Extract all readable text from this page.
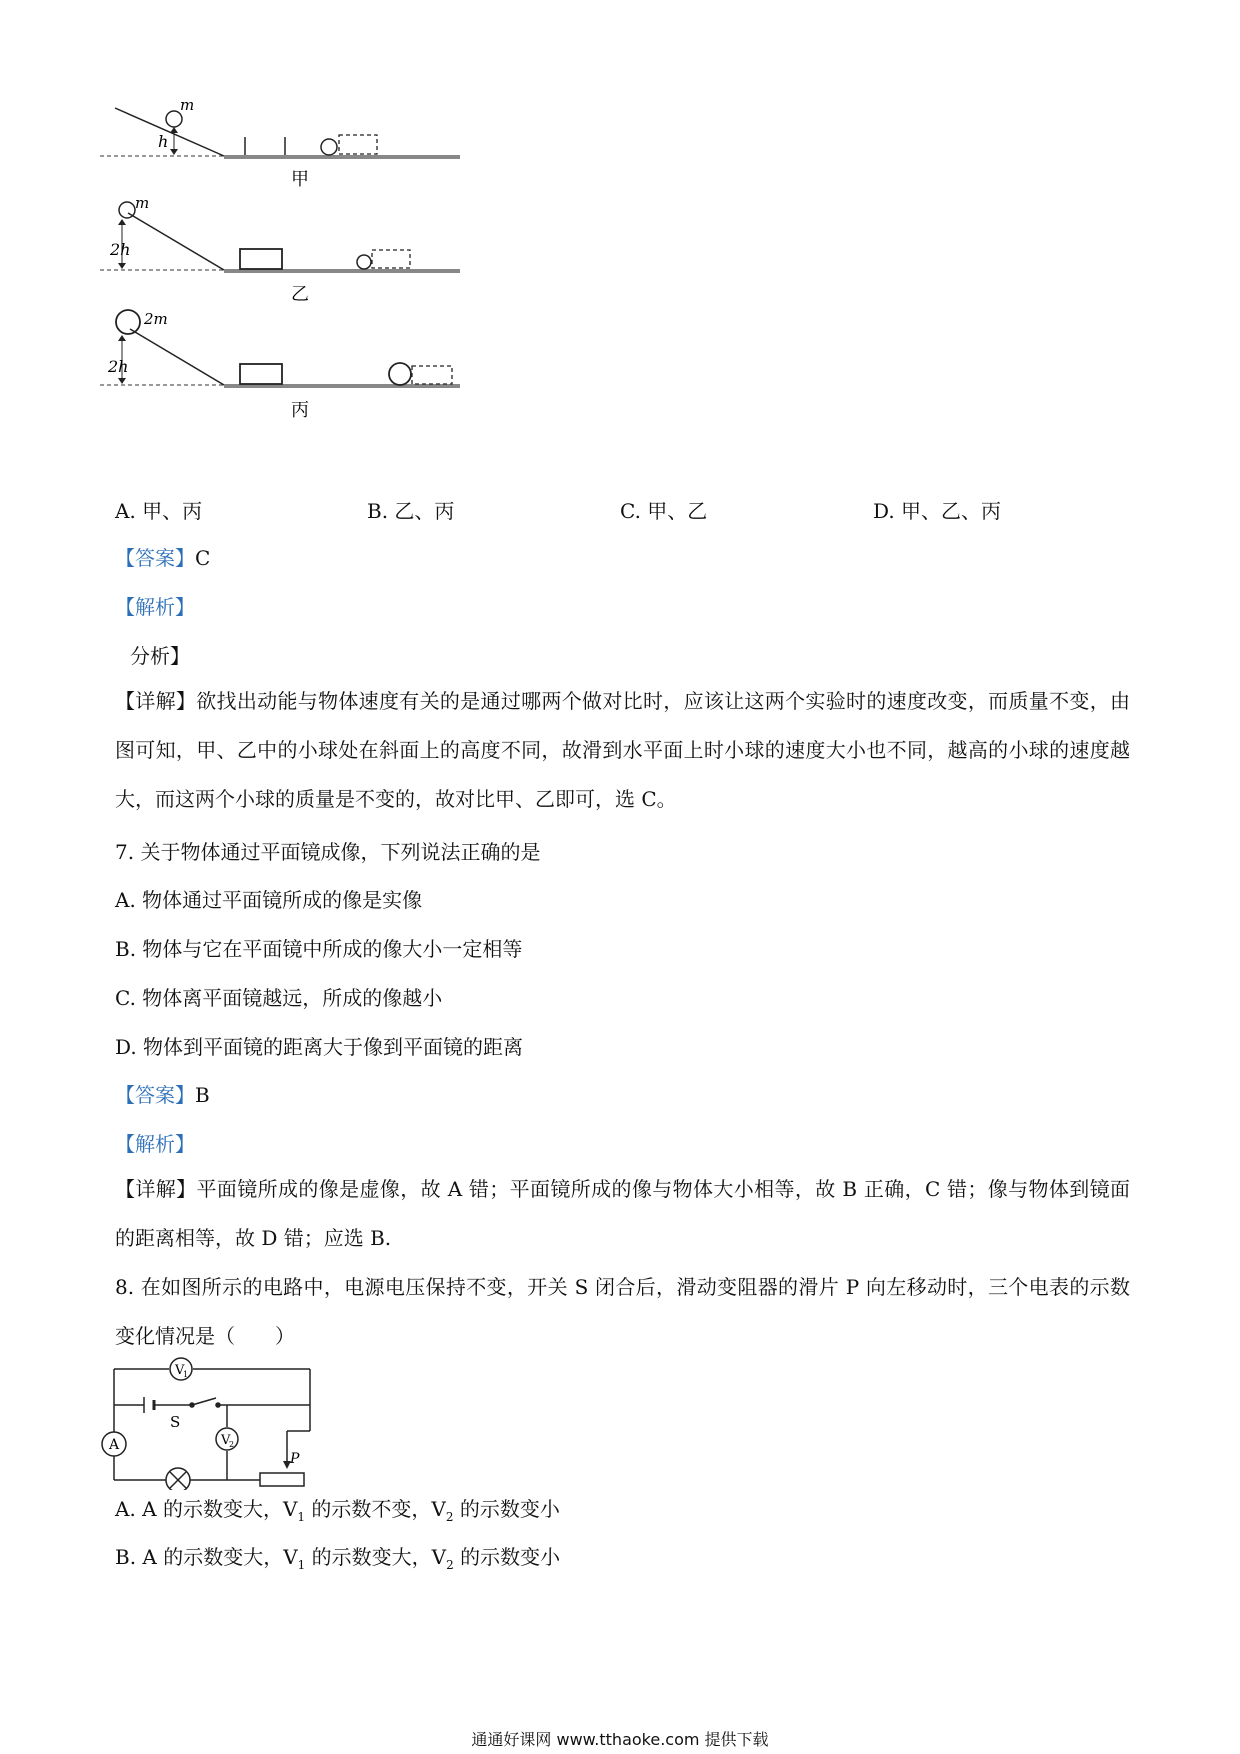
m
h
甲
m
2h
乙
2m
2h
丙
A. 甲、丙	B. 乙、丙	C. 甲、乙	D. 甲、乙、丙
【答案】C
【解析】
分析】
【详解】欲找出动能与物体速度有关的是通过哪两个做对比时，应该让这两个实验时的速度改变，而质量不变，由图可知，甲、乙中的小球处在斜面上的高度不同，故滑到水平面上时小球的速度大小也不同，越高的小球的速度越大，而这两个小球的质量是不变的，故对比甲、乙即可，选 C。
7. 关于物体通过平面镜成像，下列说法正确的是
A. 物体通过平面镜所成的像是实像
B. 物体与它在平面镜中所成的像大小一定相等
C. 物体离平面镜越远，所成的像越小
D. 物体到平面镜的距离大于像到平面镜的距离
【答案】B
【解析】
【详解】平面镜所成的像是虚像，故 A 错；平面镜所成的像与物体大小相等，故 B 正确，C 错；像与物体到镜面的距离相等，故 D 错；应选 B.
8. 在如图所示的电路中，电源电压保持不变，开关 S 闭合后，滑动变阻器的滑片 P 向左移动时，三个电表的示数变化情况是（　　）
S
V
1
V
2
A
P
A. A 的示数变大，$V_1$ 的示数不变，$V_2$ 的示数变小
B. A 的示数变大，$V_1$ 的示数变大，$V_2$ 的示数变小
通通好课网 www.tthaoke.com 提供下载
